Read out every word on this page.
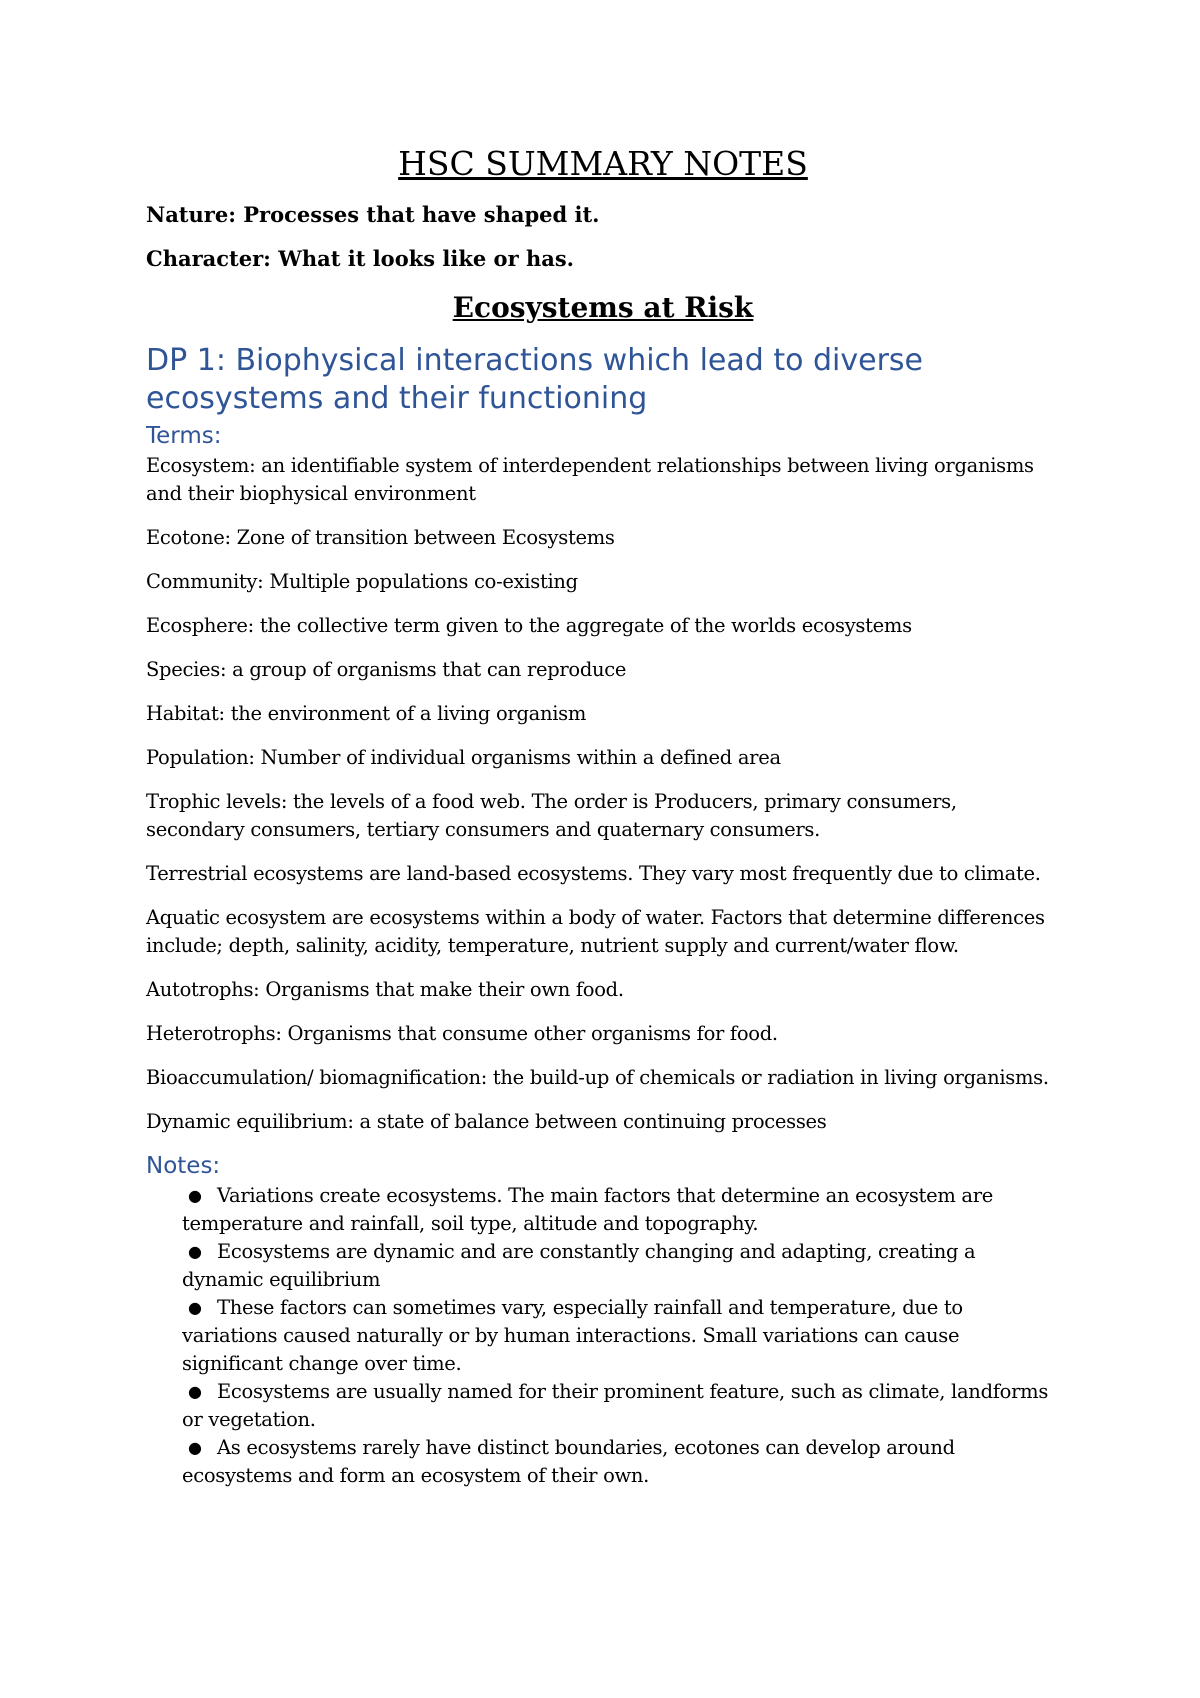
HSC SUMMARY NOTES

Nature: Processes that have shaped it.

Character: What it looks like or has.

Ecosystems at Risk
DP 1: Biophysical interactions which lead to diverse ecosystems and their functioning
Terms:

Ecosystem: an identifiable system of interdependent relationships between living organisms and their biophysical environment

Ecotone: Zone of transition between Ecosystems

Community: Multiple populations co-existing

Ecosphere: the collective term given to the aggregate of the worlds ecosystems

Species: a group of organisms that can reproduce

Habitat: the environment of a living organism

Population: Number of individual organisms within a defined area

Trophic levels: the levels of a food web. The order is Producers, primary consumers, secondary consumers, tertiary consumers and quaternary consumers.

Terrestrial ecosystems are land-based ecosystems. They vary most frequently due to climate.

Aquatic ecosystem are ecosystems within a body of water. Factors that determine differences include; depth, salinity, acidity, temperature, nutrient supply and current/water flow.

Autotrophs: Organisms that make their own food.

Heterotrophs: Organisms that consume other organisms for food.

Bioaccumulation/ biomagnification: the build-up of chemicals or radiation in living organisms.

Dynamic equilibrium: a state of balance between continuing processes

Notes:
● Variations create ecosystems. The main factors that determine an ecosystem are temperature and rainfall, soil type, altitude and topography.
● Ecosystems are dynamic and are constantly changing and adapting, creating a dynamic equilibrium
● These factors can sometimes vary, especially rainfall and temperature, due to variations caused naturally or by human interactions. Small variations can cause significant change over time.
● Ecosystems are usually named for their prominent feature, such as climate, landforms or vegetation.
● As ecosystems rarely have distinct boundaries, ecotones can develop around ecosystems and form an ecosystem of their own.
